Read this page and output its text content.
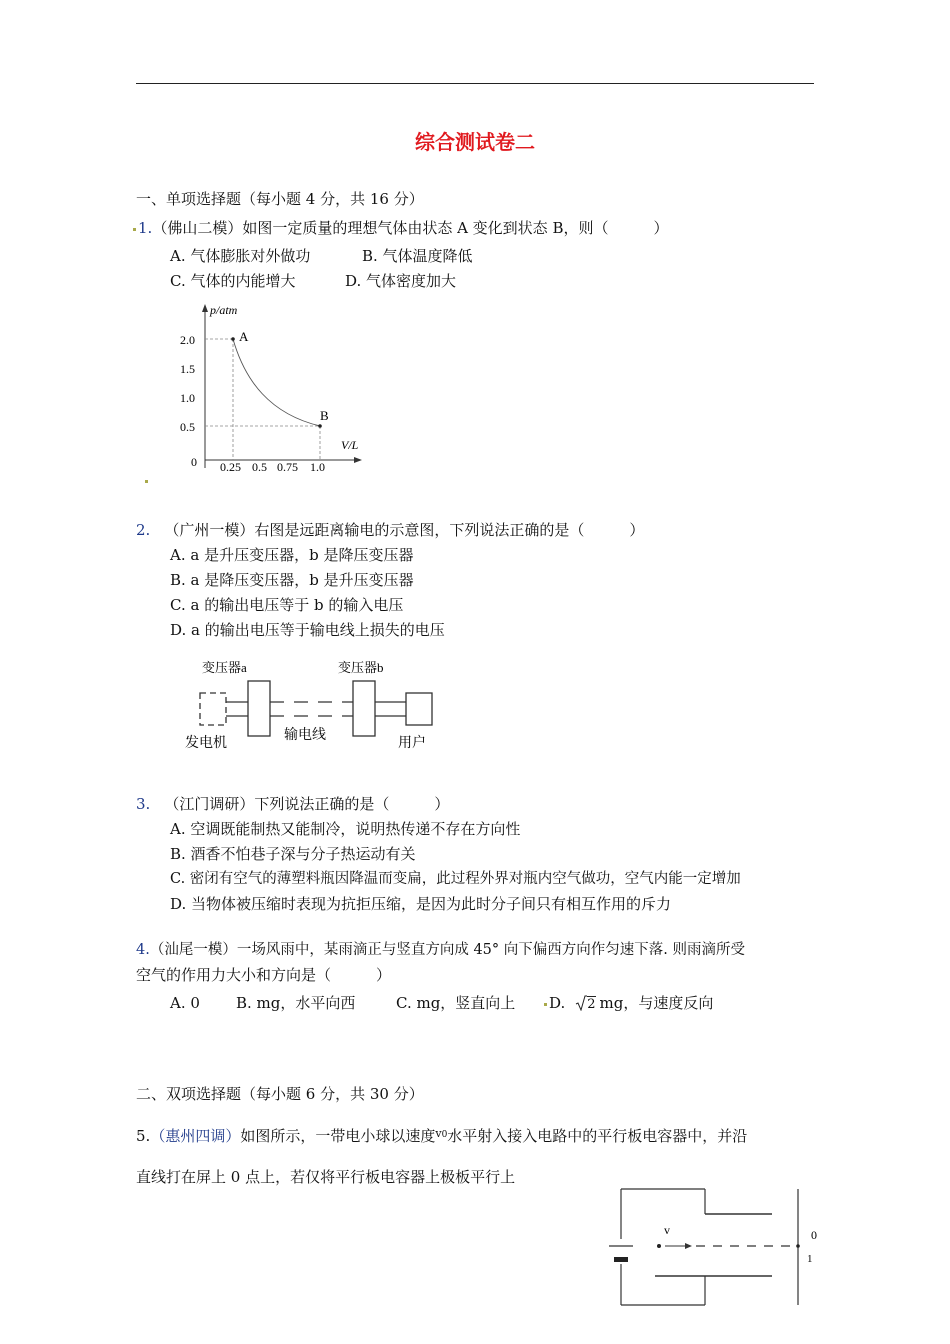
综合测试卷二
一、单项选择题（每小题 4 分，共 16 分）
1.（佛山二模）如图一定质量的理想气体由状态 A 变化到状态 B，则（　　　）
A. 气体膨胀对外做功	B. 气体温度降低
C. 气体的内能增大	D. 气体密度加大
p/atm
V/L
2.0
1.5
1.0
0.5
0 0.25 0.5 0.75 1.0
A
B
2. （广州一模）右图是远距离输电的示意图，下列说法正确的是（　　　）
A. a 是升压变压器，b 是降压变压器
B. a 是降压变压器，b 是升压变压器
C. a 的输出电压等于 b 的输入电压
D. a 的输出电压等于输电线上损失的电压
变压器a	变压器b
发电机
输电线
用户
3. （江门调研）下列说法正确的是（　　　）
A. 空调既能制热又能制冷，说明热传递不存在方向性
B. 酒香不怕巷子深与分子热运动有关
C. 密闭有空气的薄塑料瓶因降温而变扁，此过程外界对瓶内空气做功，空气内能一定增加
D. 当物体被压缩时表现为抗拒压缩，是因为此时分子间只有相互作用的斥力
4.（汕尾一模）一场风雨中，某雨滴正与竖直方向成 45° 向下偏西方向作匀速下落. 则雨滴所受
空气的作用力大小和方向是（　　　）
A. 0 B. mg，水平向西	C. mg，竖直向上	D. 2 mg，与速度反向
二、双项选择题（每小题 6 分，共 30 分）
5.（惠州四调）如图所示，一带电小球以速度$^{v0}$水平射入接入电路中的平行板电容器中，并沿
直线打在屏上 0 点上，若仅将平行板电容器上极板平行上
v	0
1
